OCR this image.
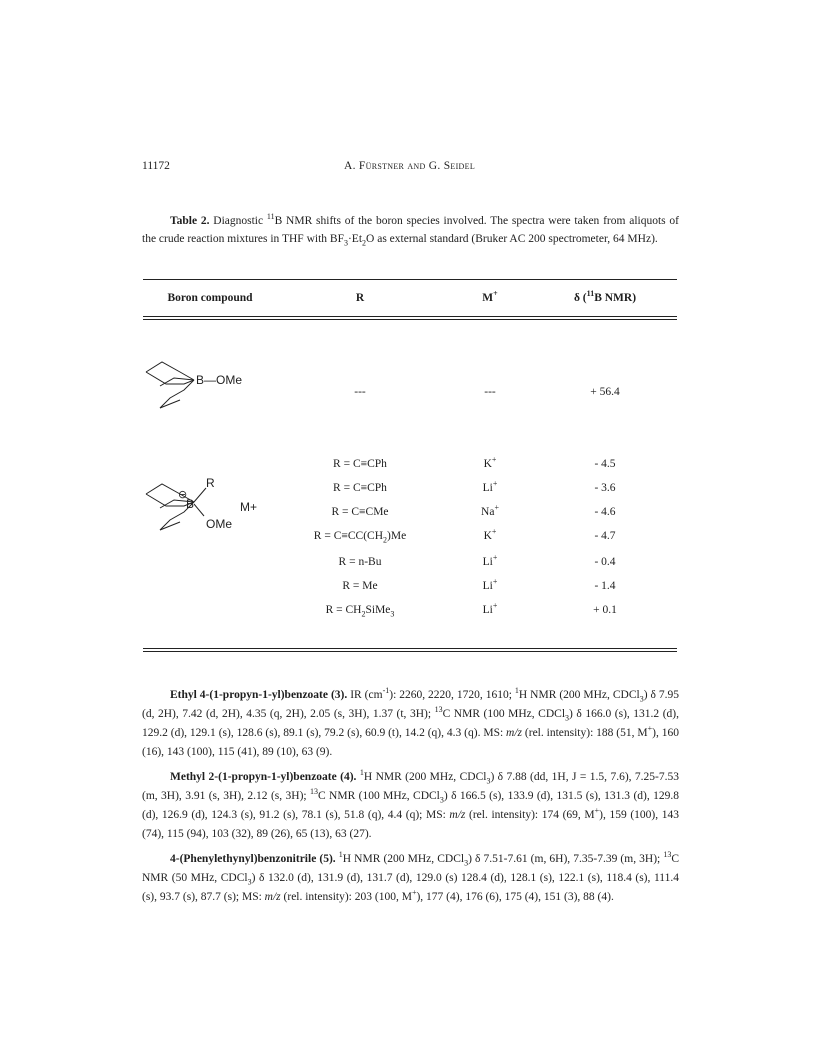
11172	A. Fürstner and G. Seidel
Table 2. Diagnostic $^{11}$B NMR shifts of the boron species involved. The spectra were taken from aliquots of the crude reaction mixtures in THF with $BF_3\cdot Et_2O$ as external standard (Bruker AC 200 spectrometer, 64 MHz).
Boron compound	R	M+	δ ($^{11}$B NMR)
B—OMe
---	---	+ 56.4
R
⊖
B
OMe
M+
R = C≡CPh	K+	- 4.5
R = C≡CPh	Li+	- 3.6
R = C≡CMe	Na+	- 4.6
$R = C\equiv CC(CH_2)Me$	K+	- 4.7
R = n-Bu	Li+	- 0.4
R = Me	Li+	- 1.4
$R = CH_2SiMe_3$	Li+	+ 0.1
Ethyl 4-(1-propyn-1-yl)benzoate (3). IR $(cm^{-1})$: 2260, 2220, 1720, 1610; $^1$H NMR (200 MHz, CDCl$_3$) δ 7.95 (d, 2H), 7.42 (d, 2H), 4.35 (q, 2H), 2.05 (s, 3H), 1.37 (t, 3H); $^{13}$C NMR (100 MHz, CDCl$_3$) δ 166.0 (s), 131.2 (d), 129.2 (d), 129.1 (s), 128.6 (s), 89.1 (s), 79.2 (s), 60.9 (t), 14.2 (q), 4.3 (q). MS: m/z (rel. intensity): 188 (51, M+), 160 (16), 143 (100), 115 (41), 89 (10), 63 (9).
Methyl 2-(1-propyn-1-yl)benzoate (4). $^1$H NMR (200 MHz, CDCl$_3$) δ 7.88 (dd, 1H, J = 1.5, 7.6), 7.25-7.53 (m, 3H), 3.91 (s, 3H), 2.12 (s, 3H); $^{13}$C NMR (100 MHz, CDCl$_3$) δ 166.5 (s), 133.9 (d), 131.5 (s), 131.3 (d), 129.8 (d), 126.9 (d), 124.3 (s), 91.2 (s), 78.1 (s), 51.8 (q), 4.4 (q); MS: m/z (rel. intensity): 174 (69, M+), 159 (100), 143 (74), 115 (94), 103 (32), 89 (26), 65 (13), 63 (27).
4-(Phenylethynyl)benzonitrile (5). $^1$H NMR (200 MHz, CDCl$_3$) δ 7.51-7.61 (m, 6H), 7.35-7.39 (m, 3H); $^{13}$C NMR (50 MHz, CDCl$_3$) δ 132.0 (d), 131.9 (d), 131.7 (d), 129.0 (s) 128.4 (d), 128.1 (s), 122.1 (s), 118.4 (s), 111.4 (s), 93.7 (s), 87.7 (s); MS: m/z (rel. intensity): 203 (100, M+), 177 (4), 176 (6), 175 (4), 151 (3), 88 (4).
